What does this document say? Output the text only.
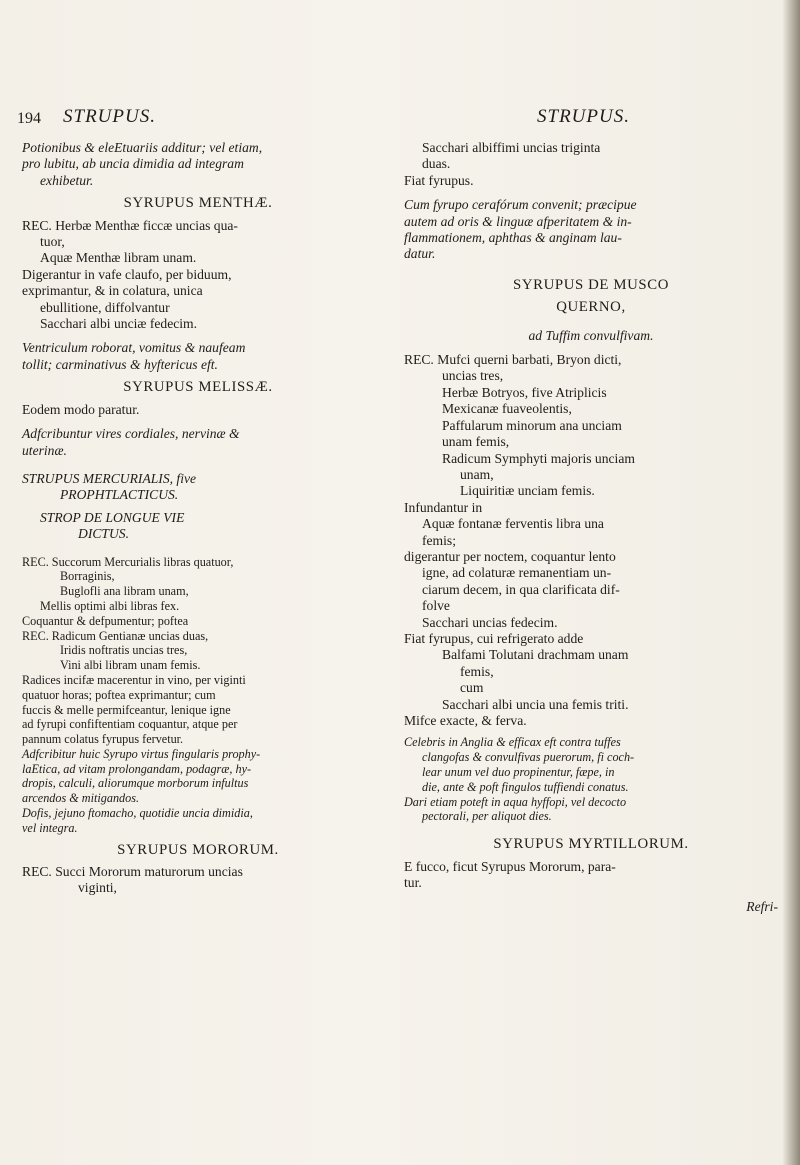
194 STRUPUS.	STRUPUS.

Potionibus & eleEtuariis additur; vel etiam,

pro lubitu, ab uncia dimidia ad integram

exhibetur.

SYRUPUS MENTHÆ.

REC. Herbæ Menthæ ficcæ uncias qua-

tuor,

Aquæ Menthæ libram unam.

Digerantur in vafe claufo, per biduum,

exprimantur, & in colatura, unica

ebullitione, diffolvantur

Sacchari albi unciæ fedecim.

Ventriculum roborat, vomitus & naufeam

tollit; carminativus & hyftericus eft.

SYRUPUS MELISSÆ.

Eodem modo paratur.

Adfcribuntur vires cordiales, nervinæ &

uterinæ.

STRUPUS MERCURIALIS, five

PROPHTLACTICUS.

STROP DE LONGUE VIE

DICTUS.

REC. Succorum Mercurialis libras quatuor,

Borraginis,

Buglofli ana libram unam,

Mellis optimi albi libras fex.

Coquantur & defpumentur; poftea

REC. Radicum Gentianæ uncias duas,

Iridis noftratis uncias tres,

Vini albi libram unam femis.

Radices incifæ macerentur in vino, per viginti

quatuor horas; poftea exprimantur; cum

fuccis & melle permifceantur, lenique igne

ad fyrupi confiftentiam coquantur, atque per

pannum colatus fyrupus fervetur.

Adfcribitur huic Syrupo virtus fingularis prophy-

laEtica, ad vitam prolongandam, podagræ, hy-

dropis, calculi, aliorumque morborum infultus

arcendos & mitigandos.

Dofis, jejuno ftomacho, quotidie uncia dimidia,

vel integra.

SYRUPUS MORORUM.

REC. Succi Mororum maturorum uncias

viginti,

Sacchari albiffimi uncias triginta

duas.

Fiat fyrupus.

Cum fyrupo cerafórum convenit; præcipue

autem ad oris & linguæ afperitatem & in-

flammationem, aphthas & anginam lau-

datur.

SYRUPUS DE MUSCO

QUERNO,

ad Tuffim convulfivam.

REC. Mufci querni barbati, Bryon dicti,

uncias tres,

Herbæ Botryos, five Atriplicis

Mexicanæ fuaveolentis,

Paffularum minorum ana unciam

unam femis,

Radicum Symphyti majoris unciam

unam,

Liquiritiæ unciam femis.

Infundantur in

Aquæ fontanæ ferventis libra una

femis;

digerantur per noctem, coquantur lento

igne, ad colaturæ remanentiam un-

ciarum decem, in qua clarificata dif-

folve

Sacchari uncias fedecim.

Fiat fyrupus, cui refrigerato adde

Balfami Tolutani drachmam unam

femis,

cum

Sacchari albi uncia una femis triti.

Mifce exacte, & ferva.

Celebris in Anglia & efficax eft contra tuffes

clangofas & convulfivas puerorum, fi coch-

lear unum vel duo propinentur, fæpe, in

die, ante & poft fingulos tuffiendi conatus.

Dari etiam poteft in aqua hyffopi, vel decocto

pectorali, per aliquot dies.

SYRUPUS MYRTILLORUM.

E fucco, ficut Syrupus Mororum, para-

tur.

Refri-
